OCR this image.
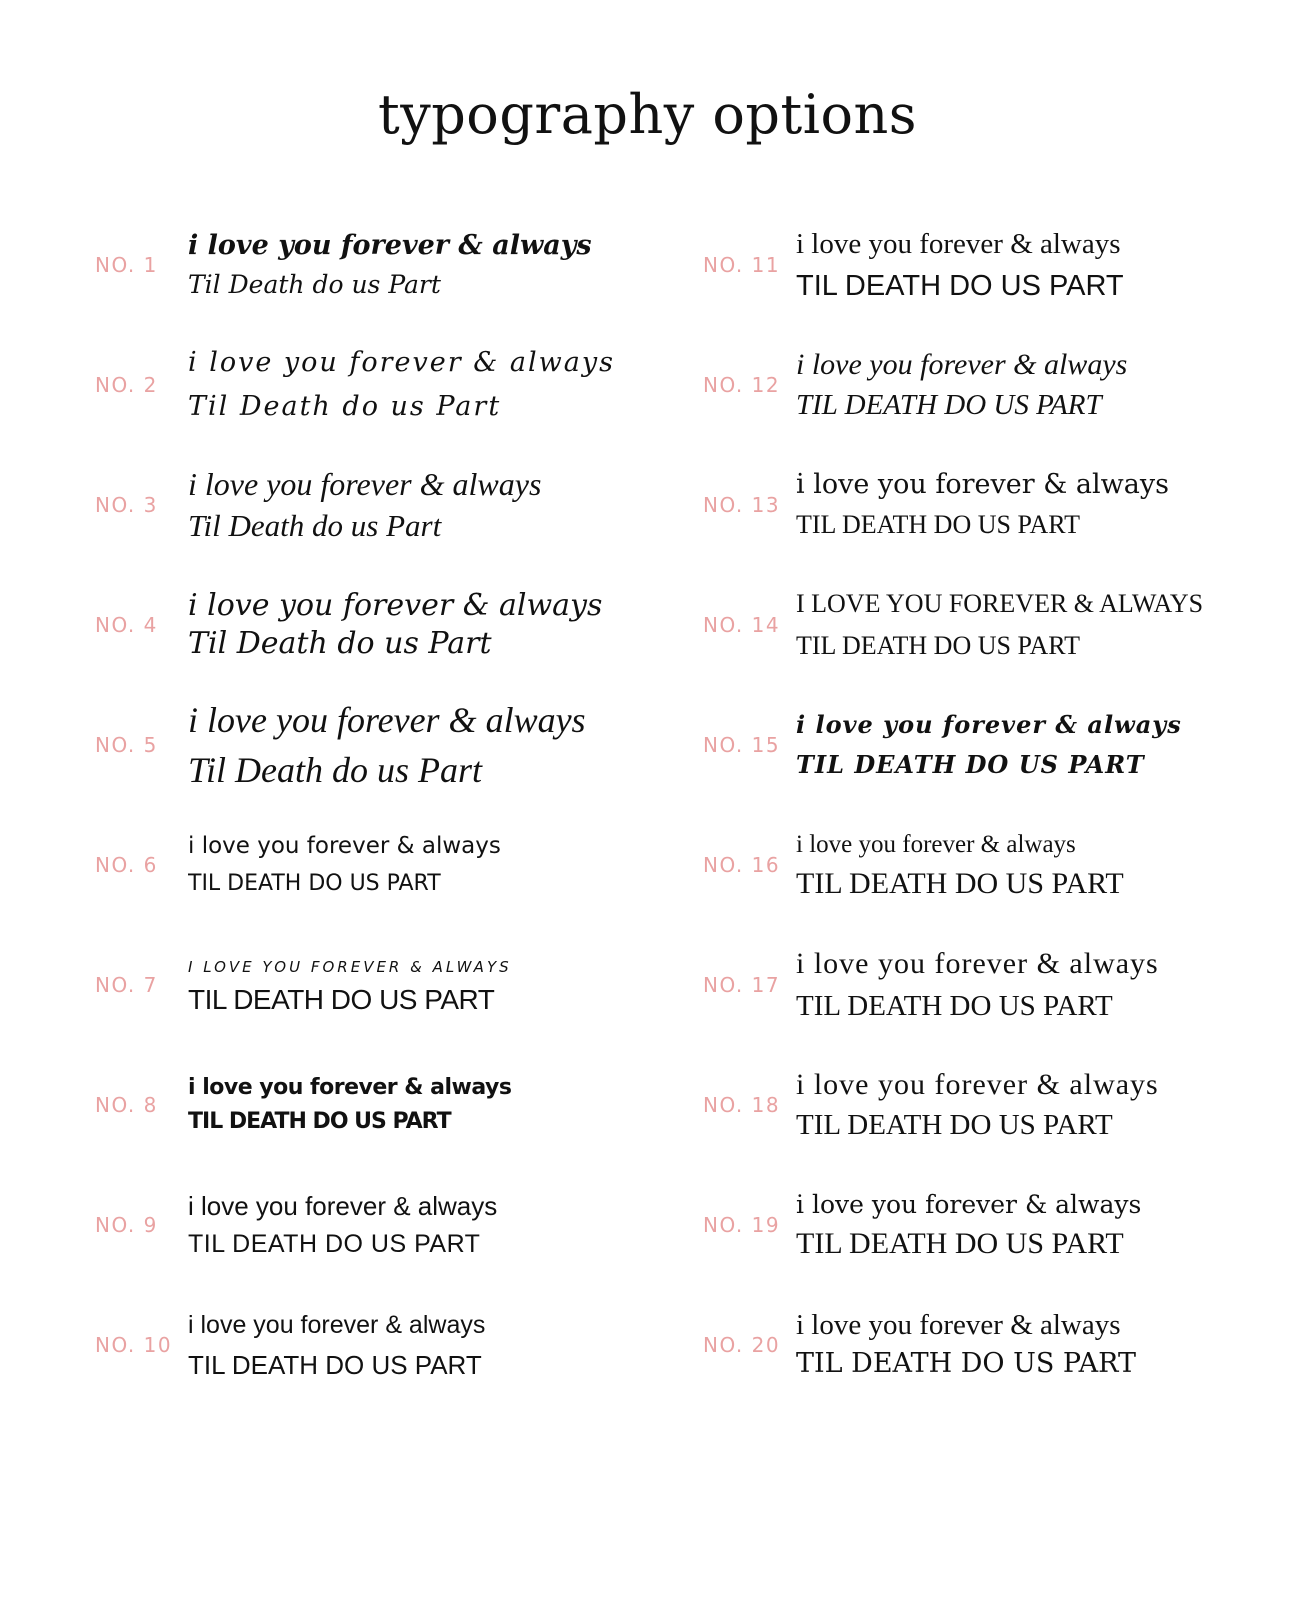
typography options
NO. 1
i love you forever & always
Til Death do us Part
NO. 2
i love you forever & always
Til Death do us Part
NO. 3
i love you forever & always
Til Death do us Part
NO. 4
i love you forever & always
Til Death do us Part
NO. 5
i love you forever & always
Til Death do us Part
NO. 6
i love you forever & always
TIL DEATH DO US PART
NO. 7
I LOVE YOU FOREVER & ALWAYS
TIL DEATH DO US PART
NO. 8
i love you forever & always
TIL DEATH DO US PART
NO. 9
i love you forever & always
TIL DEATH DO US PART
NO. 10
i love you forever & always
TIL DEATH DO US PART
NO. 11
i love you forever & always
TIL DEATH DO US PART
NO. 12
i love you forever & always
TIL DEATH DO US PART
NO. 13
i love you forever & always
TIL DEATH DO US PART
NO. 14
I LOVE YOU FOREVER & ALWAYS
TIL DEATH DO US PART
NO. 15
i love you forever & always
TIL DEATH DO US PART
NO. 16
i love you forever & always
TIL DEATH DO US PART
NO. 17
i love you forever & always
TIL DEATH DO US PART
NO. 18
i love you forever & always
TIL DEATH DO US PART
NO. 19
i love you forever & always
TIL DEATH DO US PART
NO. 20
i love you forever & always
TIL DEATH DO US PART
